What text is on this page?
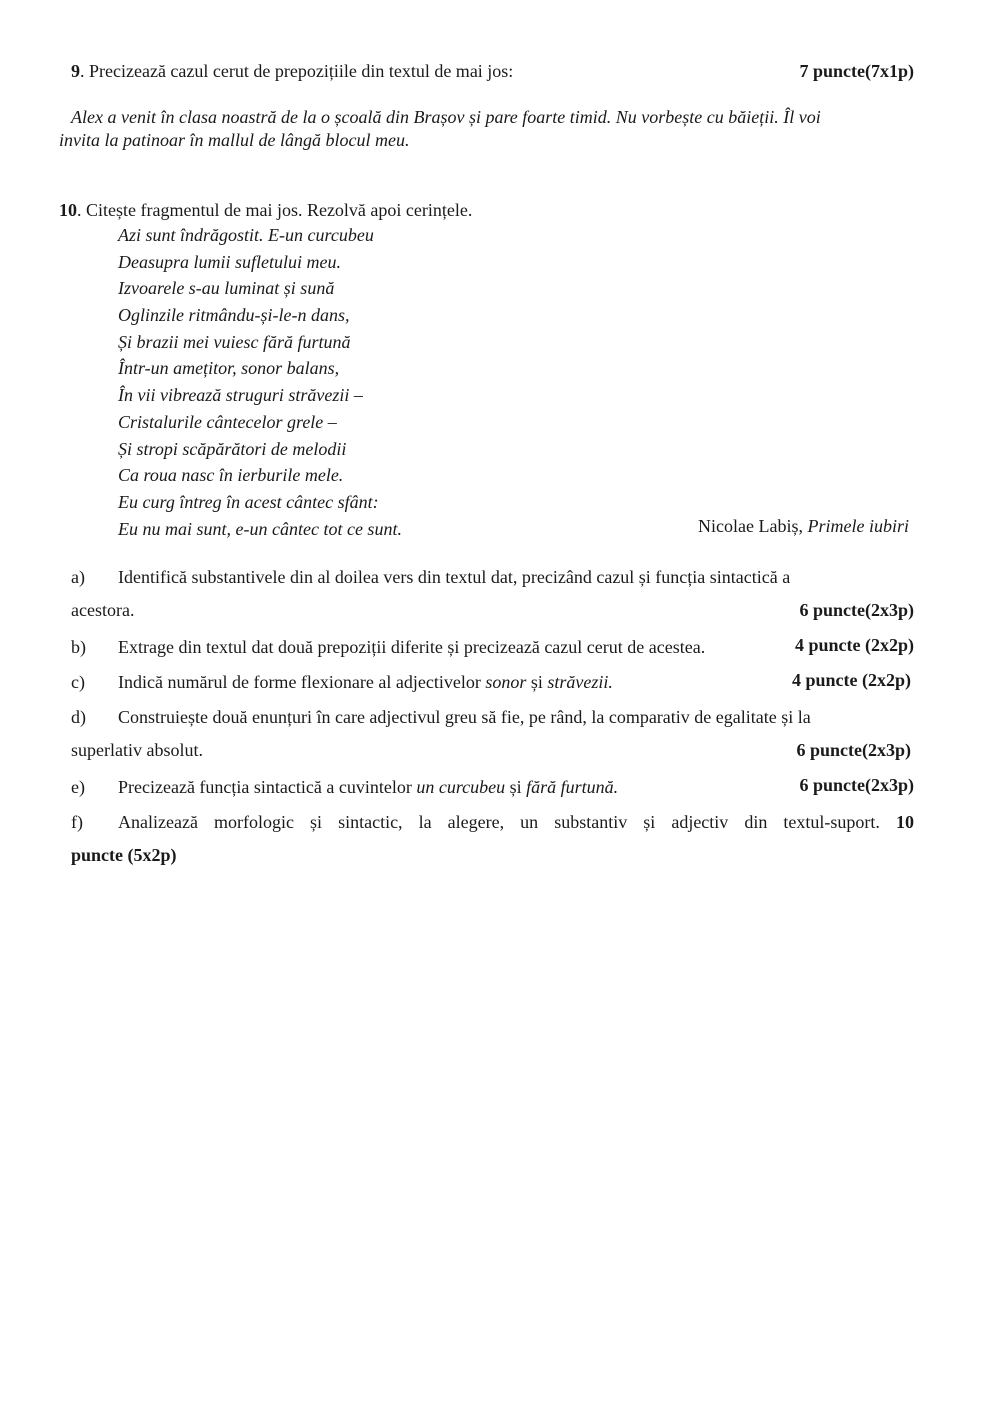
9. Precizează cazul cerut de prepozițiile din textul de mai jos:	7 puncte(7x1p)
Alex a venit în clasa noastră de la o școală din Brașov și pare foarte timid. Nu vorbește cu băieții. Îl voi
invita la patinoar în mallul de lângă blocul meu.
10. Citește fragmentul de mai jos. Rezolvă apoi cerințele.
Azi sunt îndrăgostit. E-un curcubeu
Deasupra lumii sufletului meu.
Izvoarele s-au luminat și sună
Oglinzile ritmându-și-le-n dans,
Și brazii mei vuiesc fără furtună
Într-un amețitor, sonor balans,
În vii vibrează struguri străvezii –
Cristalurile cântecelor grele –
Și stropi scăpărători de melodii
Ca roua nasc în ierburile mele.
Eu curg întreg în acest cântec sfânt:
Eu nu mai sunt, e-un cântec tot ce sunt.	Nicolae Labiș, Primele iubiri
a) Identifică substantivele din al doilea vers din textul dat, precizând cazul și funcția sintactică a
acestora.	6 puncte(2x3p)
b) Extrage din textul dat două prepoziții diferite și precizează cazul cerut de acestea.	4 puncte (2x2p)
c) Indică numărul de forme flexionare al adjectivelor sonor și străvezii.	4 puncte (2x2p)
d) Construiește două enunțuri în care adjectivul greu să fie, pe rând, la comparativ de egalitate și la
superlativ absolut.	6 puncte(2x3p)
e) Precizează funcția sintactică a cuvintelor un curcubeu și fără furtună.	6 puncte(2x3p)
f) Analizează morfologic și sintactic, la alegere, un substantiv și adjectiv din textul-suport. 10
puncte (5x2p)
